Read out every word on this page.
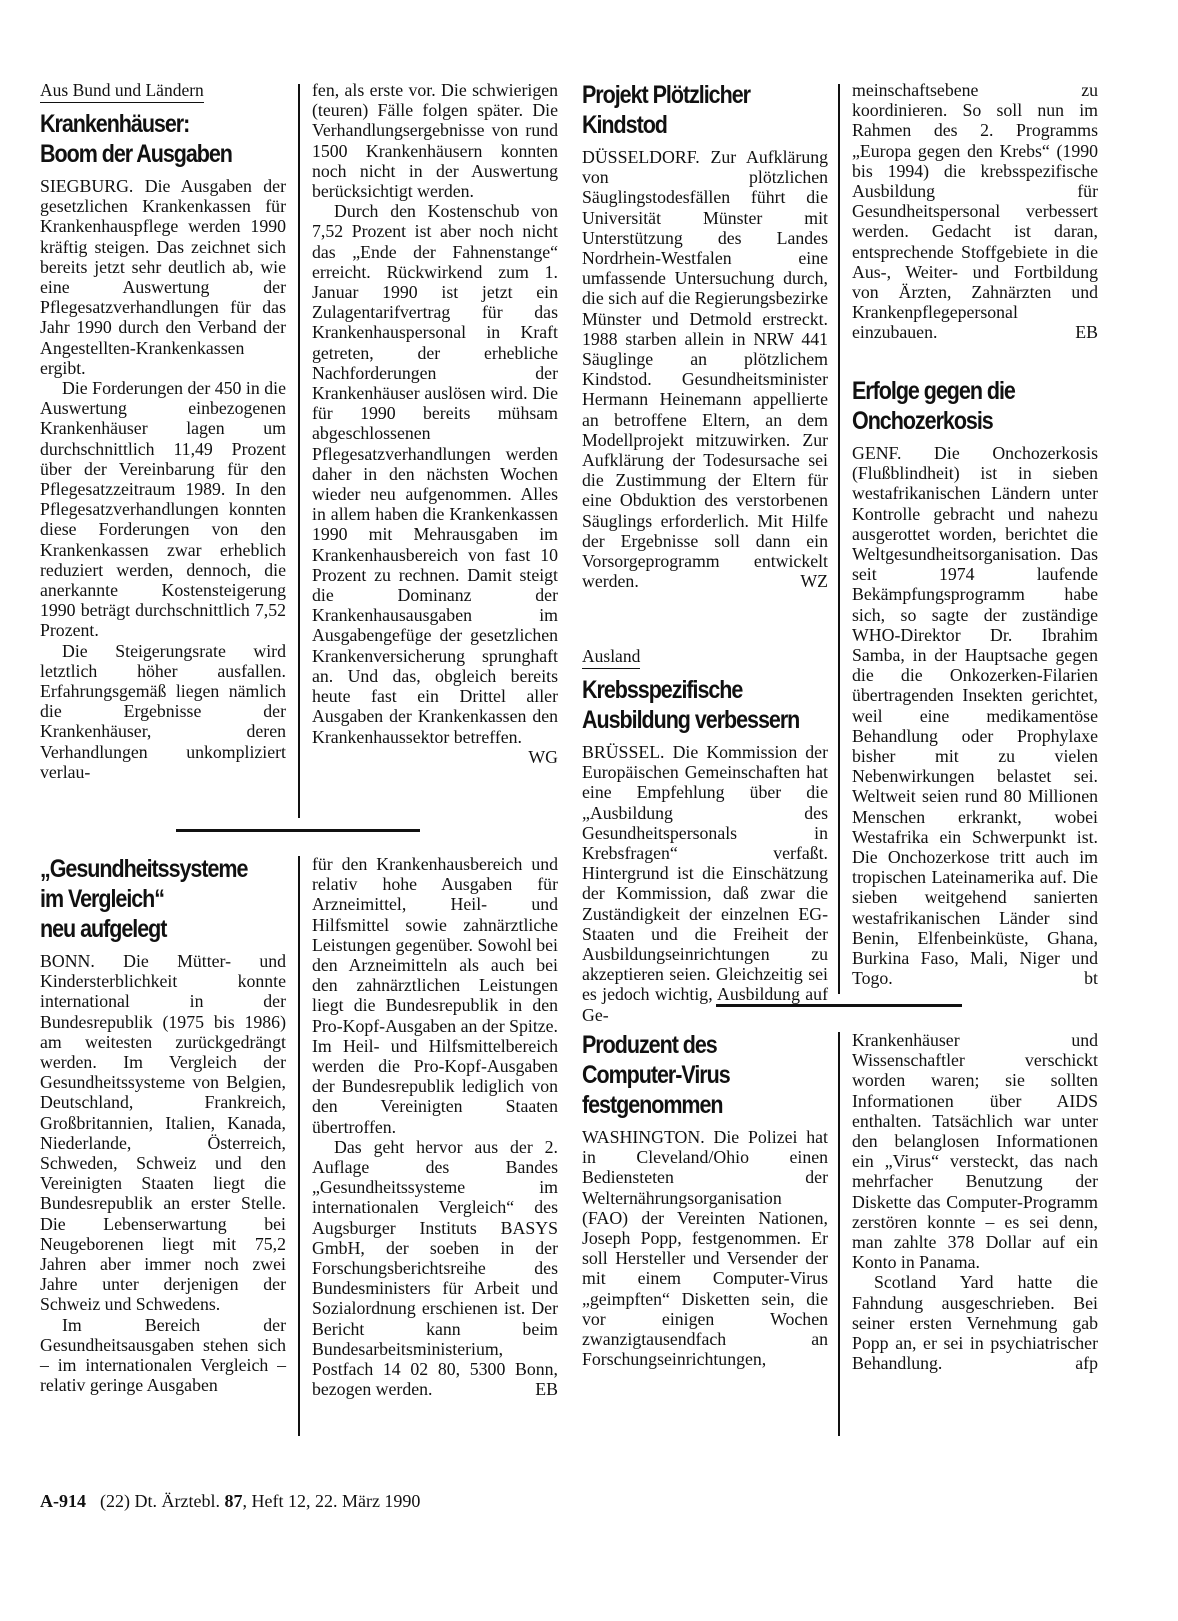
Aus Bund und Ländern
Krankenhäuser:
Boom der Ausgaben

SIEGBURG. Die Ausgaben der gesetzlichen Krankenkassen für Krankenhauspflege werden 1990 kräftig steigen. Das zeichnet sich bereits jetzt sehr deutlich ab, wie eine Auswertung der Pflegesatzverhandlungen für das Jahr 1990 durch den Verband der Angestellten-Krankenkassen ergibt.

Die Forderungen der 450 in die Auswertung einbezogenen Krankenhäuser lagen um durchschnittlich 11,49 Prozent über der Vereinbarung für den Pflegesatzzeitraum 1989. In den Pflegesatzverhandlungen konnten diese Forderungen von den Krankenkassen zwar erheblich reduziert werden, dennoch, die anerkannte Kostensteigerung 1990 beträgt durchschnittlich 7,52 Prozent.

Die Steigerungsrate wird letztlich höher ausfallen. Erfahrungsgemäß liegen nämlich die Ergebnisse der Krankenhäuser, deren Verhandlungen unkompliziert verlau-

fen, als erste vor. Die schwierigen (teuren) Fälle folgen später. Die Verhandlungsergebnisse von rund 1500 Krankenhäusern konnten noch nicht in der Auswertung berücksichtigt werden.

Durch den Kostenschub von 7,52 Prozent ist aber noch nicht das „Ende der Fahnenstange“ erreicht. Rückwirkend zum 1. Januar 1990 ist jetzt ein Zulagentarifvertrag für das Krankenhauspersonal in Kraft getreten, der erhebliche Nachforderungen der Krankenhäuser auslösen wird. Die für 1990 bereits mühsam abgeschlossenen Pflegesatzverhandlungen werden daher in den nächsten Wochen wieder neu aufgenommen. Alles in allem haben die Krankenkassen 1990 mit Mehrausgaben im Krankenhausbereich von fast 10 Prozent zu rechnen. Damit steigt die Dominanz der Krankenhausausgaben im Ausgabengefüge der gesetzlichen Krankenversicherung sprunghaft an. Und das, obgleich bereits heute fast ein Drittel aller Ausgaben der Krankenkassen den Krankenhaussektor betreffen.
WG

„Gesundheitssysteme
im Vergleich“
neu aufgelegt

BONN. Die Mütter- und Kindersterblichkeit konnte international in der Bundesrepublik (1975 bis 1986) am weitesten zurückgedrängt werden. Im Vergleich der Gesundheitssysteme von Belgien, Deutschland, Frankreich, Großbritannien, Italien, Kanada, Niederlande, Österreich, Schweden, Schweiz und den Vereinigten Staaten liegt die Bundesrepublik an erster Stelle. Die Lebenserwartung bei Neugeborenen liegt mit 75,2 Jahren aber immer noch zwei Jahre unter derjenigen der Schweiz und Schwedens.

Im Bereich der Gesundheitsausgaben stehen sich – im internationalen Vergleich – relativ geringe Ausgaben

für den Krankenhausbereich und relativ hohe Ausgaben für Arzneimittel, Heil- und Hilfsmittel sowie zahnärztliche Leistungen gegenüber. Sowohl bei den Arzneimitteln als auch bei den zahnärztlichen Leistungen liegt die Bundesrepublik in den Pro-Kopf-Ausgaben an der Spitze. Im Heil- und Hilfsmittelbereich werden die Pro-Kopf-Ausgaben der Bundesrepublik lediglich von den Vereinigten Staaten übertroffen.

Das geht hervor aus der 2. Auflage des Bandes „Gesundheitssysteme im internationalen Vergleich“ des Augsburger Instituts BASYS GmbH, der soeben in der Forschungsberichtsreihe des Bundesministers für Arbeit und Sozialordnung erschienen ist. Der Bericht kann beim Bundesarbeitsministerium, Postfach 14 02 80, 5300 Bonn, bezogen werden.	EB

Projekt Plötzlicher
Kindstod

DÜSSELDORF. Zur Aufklärung von plötzlichen Säuglingstodesfällen führt die Universität Münster mit Unterstützung des Landes Nordrhein-Westfalen eine umfassende Untersuchung durch, die sich auf die Regierungsbezirke Münster und Detmold erstreckt. 1988 starben allein in NRW 441 Säuglinge an plötzlichem Kindstod. Gesundheitsminister Hermann Heinemann appellierte an betroffene Eltern, an dem Modellprojekt mitzuwirken. Zur Aufklärung der Todesursache sei die Zustimmung der Eltern für eine Obduktion des verstorbenen Säuglings erforderlich. Mit Hilfe der Ergebnisse soll dann ein Vorsorgeprogramm entwickelt werden.	WZ

Ausland
Krebsspezifische
Ausbildung verbessern

BRÜSSEL. Die Kommission der Europäischen Gemeinschaften hat eine Empfehlung über die „Ausbildung des Gesundheitspersonals in Krebsfragen“ verfaßt. Hintergrund ist die Einschätzung der Kommission, daß zwar die Zuständigkeit der einzelnen EG-Staaten und die Freiheit der Ausbildungseinrichtungen zu akzeptieren seien. Gleichzeitig sei es jedoch wichtig, Ausbildung auf Ge-

meinschaftsebene zu koordinieren. So soll nun im Rahmen des 2. Programms „Europa gegen den Krebs“ (1990 bis 1994) die krebsspezifische Ausbildung für Gesundheitspersonal verbessert werden. Gedacht ist daran, entsprechende Stoffgebiete in die Aus-, Weiter- und Fortbildung von Ärzten, Zahnärzten und Krankenpflegepersonal einzubauen.	EB

Erfolge gegen die
Onchozerkosis

GENF. Die Onchozerkosis (Flußblindheit) ist in sieben westafrikanischen Ländern unter Kontrolle gebracht und nahezu ausgerottet worden, berichtet die Weltgesundheitsorganisation. Das seit 1974 laufende Bekämpfungsprogramm habe sich, so sagte der zuständige WHO-Direktor Dr. Ibrahim Samba, in der Hauptsache gegen die die Onkozerken-Filarien übertragenden Insekten gerichtet, weil eine medikamentöse Behandlung oder Prophylaxe bisher mit zu vielen Nebenwirkungen belastet sei. Weltweit seien rund 80 Millionen Menschen erkrankt, wobei Westafrika ein Schwerpunkt ist. Die Onchozerkose tritt auch im tropischen Lateinamerika auf. Die sieben weitgehend sanierten westafrikanischen Länder sind Benin, Elfenbeinküste, Ghana, Burkina Faso, Mali, Niger und Togo.	bt

Produzent des
Computer-Virus
festgenommen

WASHINGTON. Die Polizei hat in Cleveland/Ohio einen Bediensteten der Welternährungsorganisation (FAO) der Vereinten Nationen, Joseph Popp, festgenommen. Er soll Hersteller und Versender der mit einem Computer-Virus „geimpften“ Disketten sein, die vor einigen Wochen zwanzigtausendfach an Forschungseinrichtungen,

Krankenhäuser und Wissenschaftler verschickt worden waren; sie sollten Informationen über AIDS enthalten. Tatsächlich war unter den belanglosen Informationen ein „Virus“ versteckt, das nach mehrfacher Benutzung der Diskette das Computer-Programm zerstören konnte – es sei denn, man zahlte 378 Dollar auf ein Konto in Panama.

Scotland Yard hatte die Fahndung ausgeschrieben. Bei seiner ersten Vernehmung gab Popp an, er sei in psychiatrischer Behandlung.	afp

A-914 (22) Dt. Ärztebl. 87, Heft 12, 22. März 1990
